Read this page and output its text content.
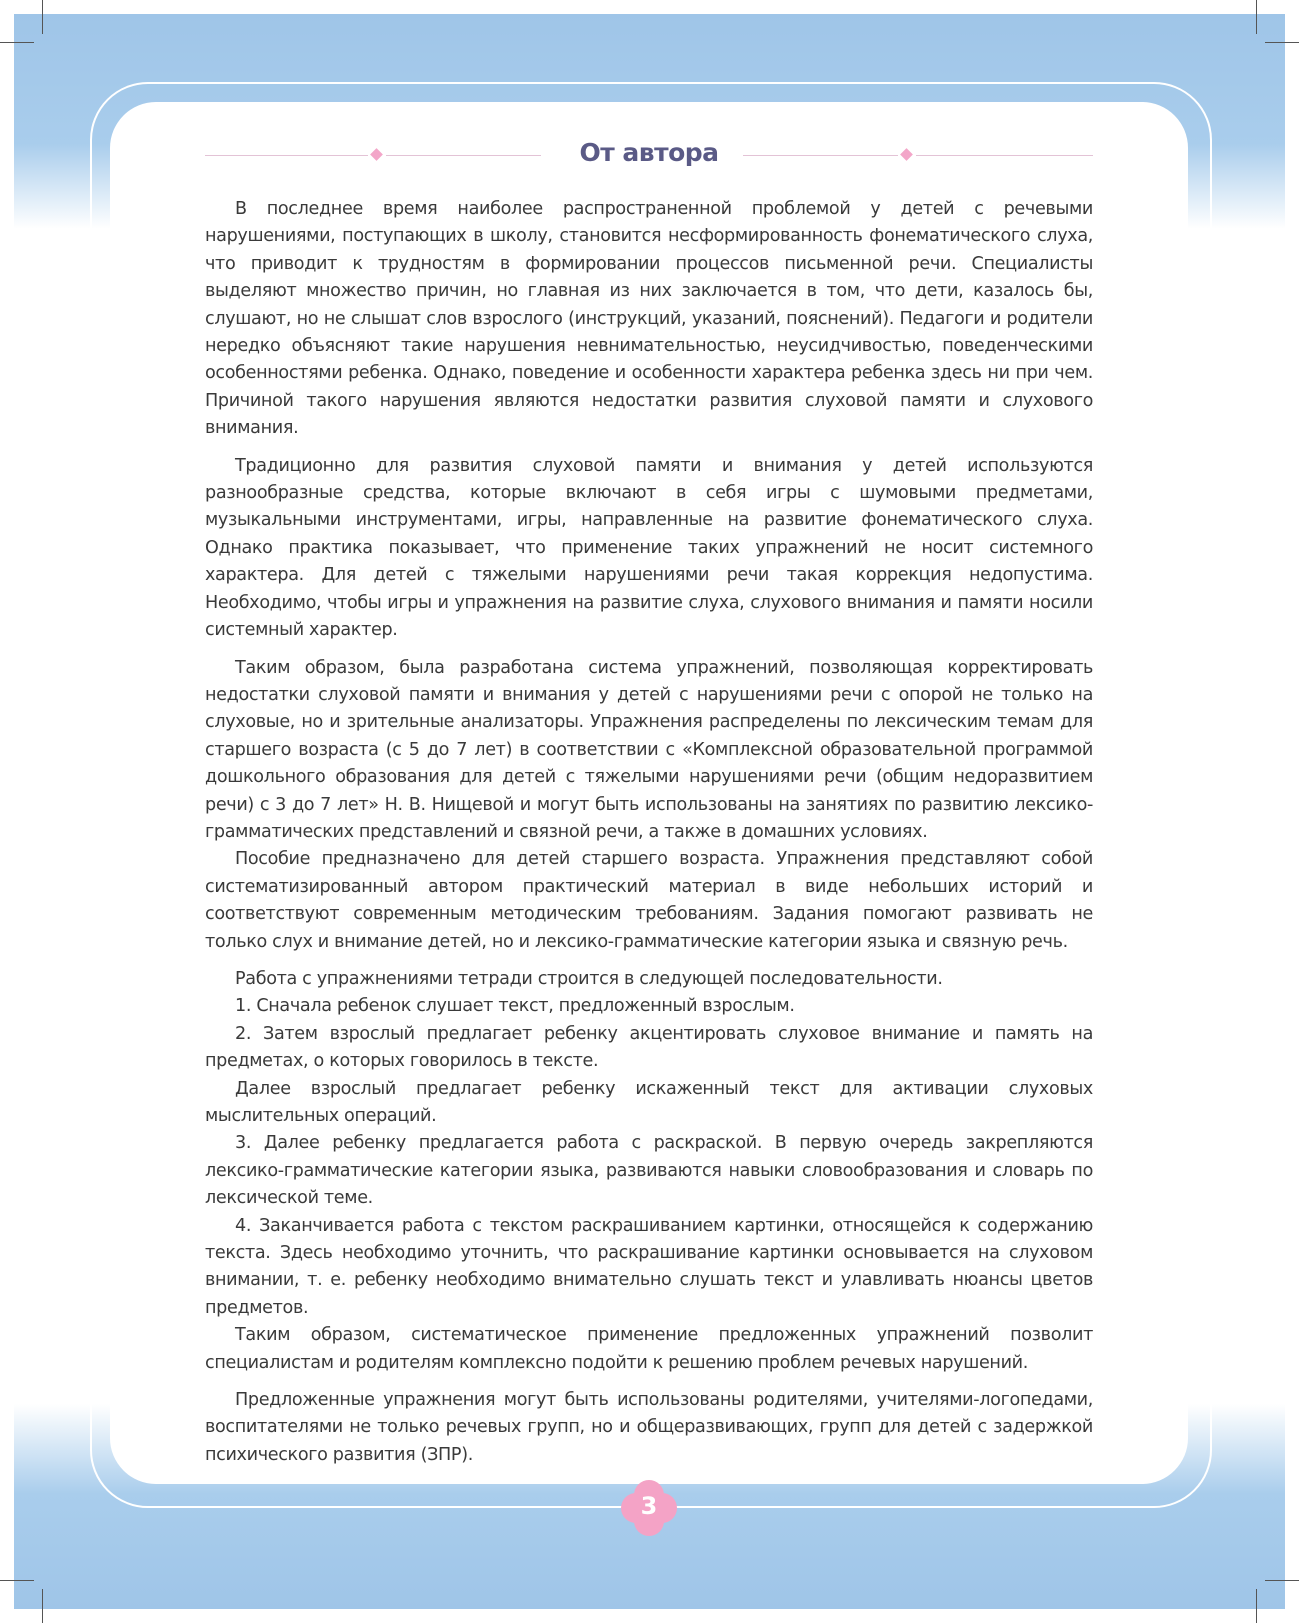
От автора

В последнее время наиболее распространенной проблемой у детей с речевыми нарушениями, поступающих в школу, становится несформированность фонематического слуха, что приводит к трудностям в формировании процессов письменной речи. Специалисты выделяют множество причин, но главная из них заключается в том, что дети, казалось бы, слушают, но не слышат слов взрослого (инструкций, указаний, пояснений). Педагоги и родители нередко объясняют такие нарушения невнимательностью, неусидчивостью, поведенческими особенностями ребенка. Однако, поведение и особенности характера ребенка здесь ни при чем. Причиной такого нарушения являются недостатки развития слуховой памяти и слухового внимания.

Традиционно для развития слуховой памяти и внимания у детей используются разнообразные средства, которые включают в себя игры с шумовыми предметами, музыкальными инструментами, игры, направленные на развитие фонематического слуха. Однако практика показывает, что применение таких упражнений не носит системного характера. Для детей с тяжелыми нарушениями речи такая коррекция недопустима. Необходимо, чтобы игры и упражнения на развитие слуха, слухового внимания и памяти носили системный характер.

Таким образом, была разработана система упражнений, позволяющая корректировать недостатки слуховой памяти и внимания у детей с нарушениями речи с опорой не только на слуховые, но и зрительные анализаторы. Упражнения распределены по лексическим темам для старшего возраста (с 5 до 7 лет) в соответствии с «Комплексной образовательной программой дошкольного образования для детей с тяжелыми нарушениями речи (общим недоразвитием речи) с 3 до 7 лет» Н. В. Нищевой и могут быть использованы на занятиях по развитию лексико-грамматических представлений и связной речи, а также в домашних условиях.

Пособие предназначено для детей старшего возраста. Упражнения представляют собой систематизированный автором практический материал в виде небольших историй и соответствуют современным методическим требованиям. Задания помогают развивать не только слух и внимание детей, но и лексико-грамматические категории языка и связную речь.

Работа с упражнениями тетради строится в следующей последовательности.

1. Сначала ребенок слушает текст, предложенный взрослым.

2. Затем взрослый предлагает ребенку акцентировать слуховое внимание и память на предметах, о которых говорилось в тексте.

Далее взрослый предлагает ребенку искаженный текст для активации слуховых мыслительных операций.

3. Далее ребенку предлагается работа с раскраской. В первую очередь закрепляются лексико-грамматические категории языка, развиваются навыки словообразования и словарь по лексической теме.

4. Заканчивается работа с текстом раскрашиванием картинки, относящейся к содержанию текста. Здесь необходимо уточнить, что раскрашивание картинки основывается на слуховом внимании, т. е. ребенку необходимо внимательно слушать текст и улавливать нюансы цветов предметов.

Таким образом, систематическое применение предложенных упражнений позволит специалистам и родителям комплексно подойти к решению проблем речевых нарушений.

Предложенные упражнения могут быть использованы родителями, учителями-логопедами, воспитателями не только речевых групп, но и общеразвивающих, групп для детей с задержкой психического развития (ЗПР).

3
